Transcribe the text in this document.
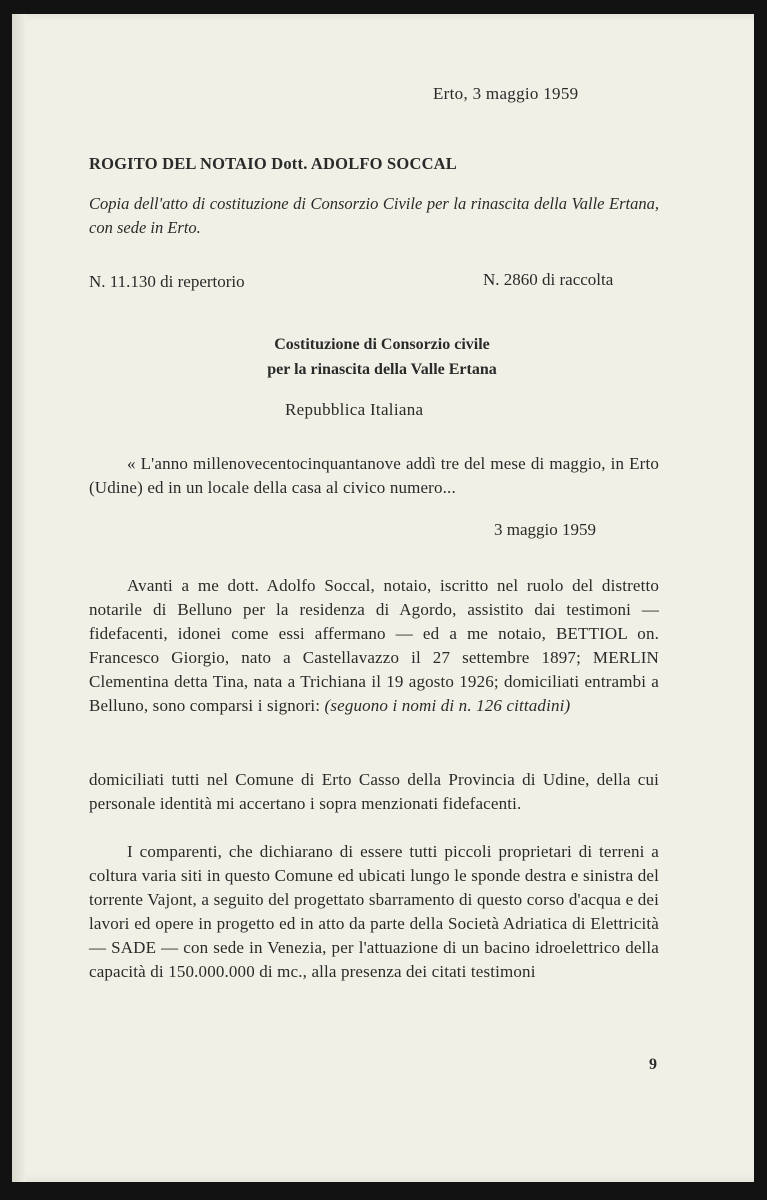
Erto, 3 maggio 1959
ROGITO DEL NOTAIO Dott. ADOLFO SOCCAL
Copia dell'atto di costituzione di Consorzio Civile per la rinascita della Valle Ertana, con sede in Erto.
N. 11.130 di repertorio	N. 2860 di raccolta
Costituzione di Consorzio civile
per la rinascita della Valle Ertana
Repubblica Italiana
« L'anno millenovecentocinquantanove addì tre del mese di maggio, in Erto (Udine) ed in un locale della casa al civico numero...
3 maggio 1959
Avanti a me dott. Adolfo Soccal, notaio, iscritto nel ruolo del distretto notarile di Belluno per la residenza di Agordo, assistito dai testimoni — fidefacenti, idonei come essi affermano — ed a me notaio, BETTIOL on. Francesco Giorgio, nato a Castellavazzo il 27 settembre 1897; MERLIN Clementina detta Tina, nata a Trichiana il 19 agosto 1926; domiciliati entrambi a Belluno, sono comparsi i signori: (seguono i nomi di n. 126 cittadini)
domiciliati tutti nel Comune di Erto Casso della Provincia di Udine, della cui personale identità mi accertano i sopra menzionati fidefacenti.
I comparenti, che dichiarano di essere tutti piccoli proprietari di terreni a coltura varia siti in questo Comune ed ubicati lungo le sponde destra e sinistra del torrente Vajont, a seguito del progettato sbarramento di questo corso d'acqua e dei lavori ed opere in progetto ed in atto da parte della Società Adriatica di Elettricità — SADE — con sede in Venezia, per l'attuazione di un bacino idroelettrico della capacità di 150.000.000 di mc., alla presenza dei citati testimoni
9
